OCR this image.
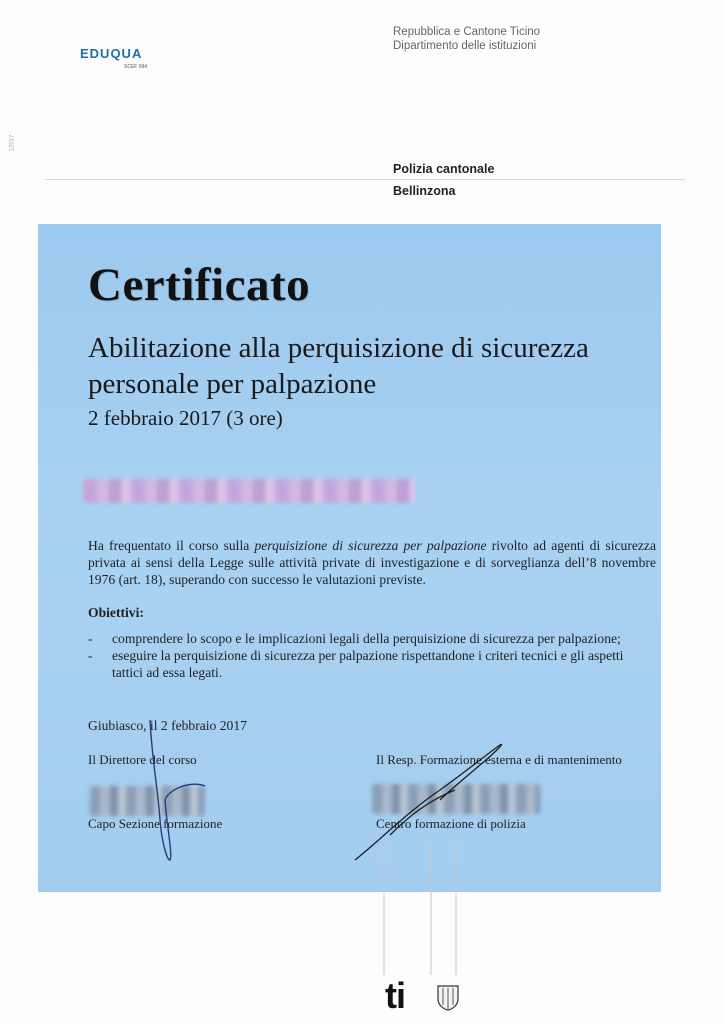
EDUQUA
SCEF 094
12017
Repubblica e Cantone Ticino
Dipartimento delle istituzioni
Polizia cantonale
Bellinzona
Certificato
Abilitazione alla perquisizione di sicurezza personale per palpazione
2 febbraio 2017 (3 ore)
Ha frequentato il corso sulla perquisizione di sicurezza per palpazione rivolto ad agenti di sicurezza privata ai sensi della Legge sulle attività private di investigazione e di sorveglianza dell’8 novembre 1976 (art. 18), superando con successo le valutazioni previste.
Obiettivi:
- comprendere lo scopo e le implicazioni legali della perquisizione di sicurezza per palpazione;
- eseguire la perquisizione di sicurezza per palpazione rispettandone i criteri tecnici e gli aspetti tattici ad essa legati.
Giubiasco, il 2 febbraio 2017
Il Direttore del corso	Il Resp. Formazione esterna e di mantenimento
Capo Sezione formazione	Centro formazione di polizia
ti
